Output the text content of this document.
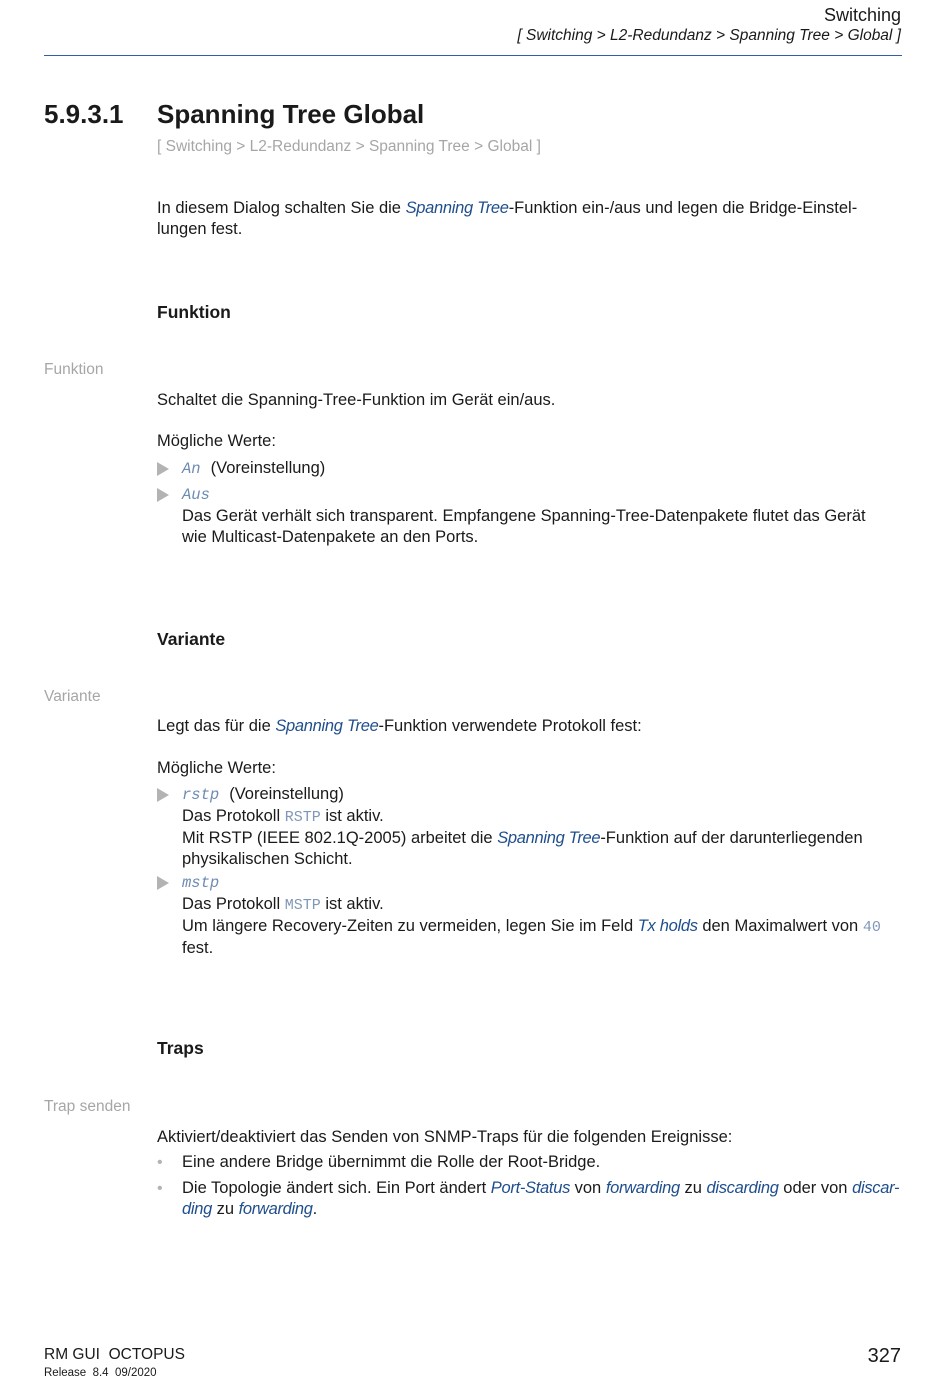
Switching
[ Switching > L2-Redundanz > Spanning Tree > Global ]
5.9.3.1 Spanning Tree Global
[ Switching > L2-Redundanz > Spanning Tree > Global ]
In diesem Dialog schalten Sie die Spanning Tree-Funktion ein-/aus und legen die Bridge-Einstel-
lungen fest.
Funktion
Funktion
Schaltet die Spanning-Tree-Funktion im Gerät ein/aus.
Mögliche Werte:
An (Voreinstellung)
Aus
Das Gerät verhält sich transparent. Empfangene Spanning-Tree-Datenpakete flutet das Gerät
wie Multicast-Datenpakete an den Ports.
Variante
Variante
Legt das für die Spanning Tree-Funktion verwendete Protokoll fest:
Mögliche Werte:
rstp (Voreinstellung)
Das Protokoll RSTP ist aktiv.
Mit RSTP (IEEE 802.1Q-2005) arbeitet die Spanning Tree-Funktion auf der darunterliegenden
physikalischen Schicht.
mstp
Das Protokoll MSTP ist aktiv.
Um längere Recovery-Zeiten zu vermeiden, legen Sie im Feld Tx holds den Maximalwert von 40
fest.
Traps
Trap senden
Aktiviert/deaktiviert das Senden von SNMP-Traps für die folgenden Ereignisse:
• Eine andere Bridge übernimmt die Rolle der Root-Bridge.
• Die Topologie ändert sich. Ein Port ändert Port-Status von forwarding zu discarding oder von discar-
ding zu forwarding.
RM GUI  OCTOPUS
Release  8.4  09/2020
327
